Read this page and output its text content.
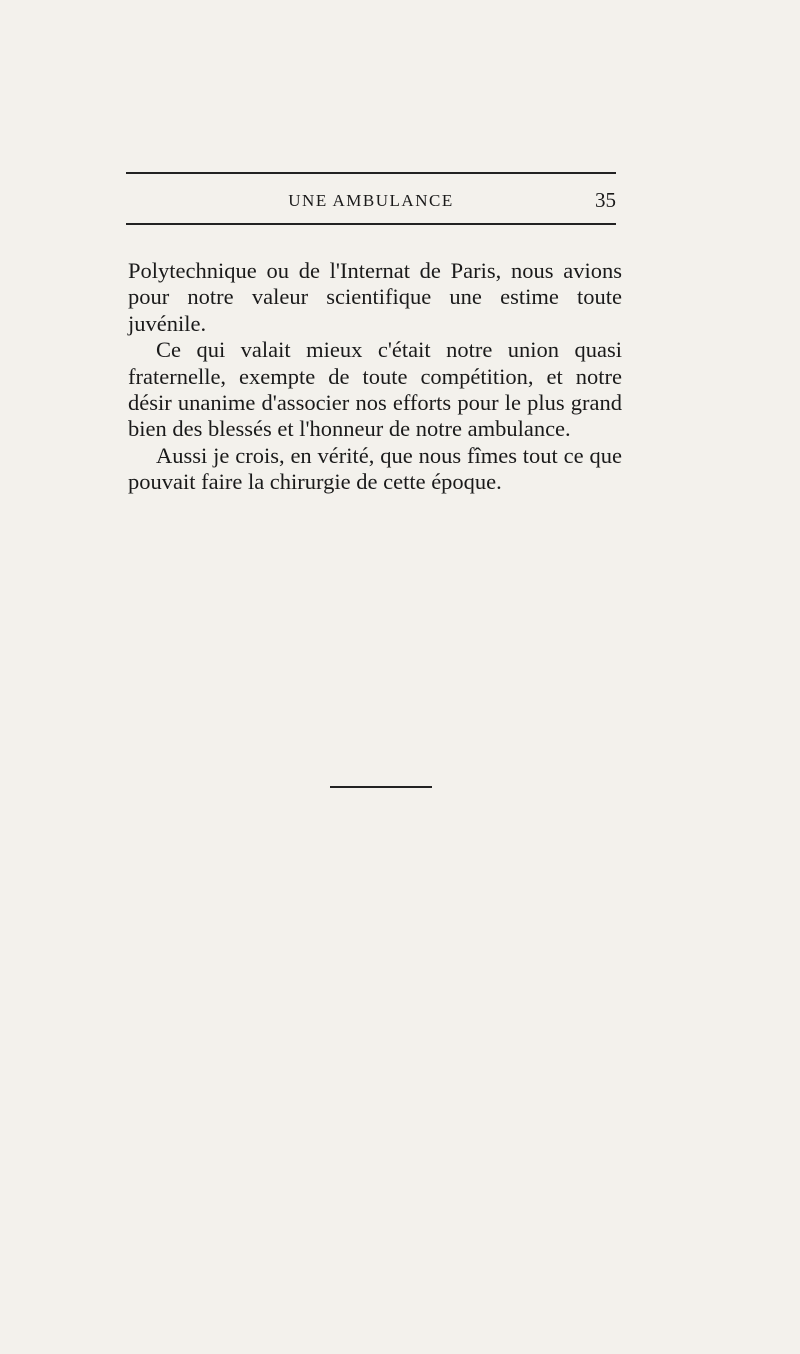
UNE AMBULANCE	35

Polytechnique ou de l'Internat de Paris, nous avions pour notre valeur scientifique une estime toute juvénile.

Ce qui valait mieux c'était notre union quasi fraternelle, exempte de toute compétition, et notre désir unanime d'associer nos efforts pour le plus grand bien des blessés et l'honneur de notre ambulance.

Aussi je crois, en vérité, que nous fîmes tout ce que pouvait faire la chirurgie de cette époque.
